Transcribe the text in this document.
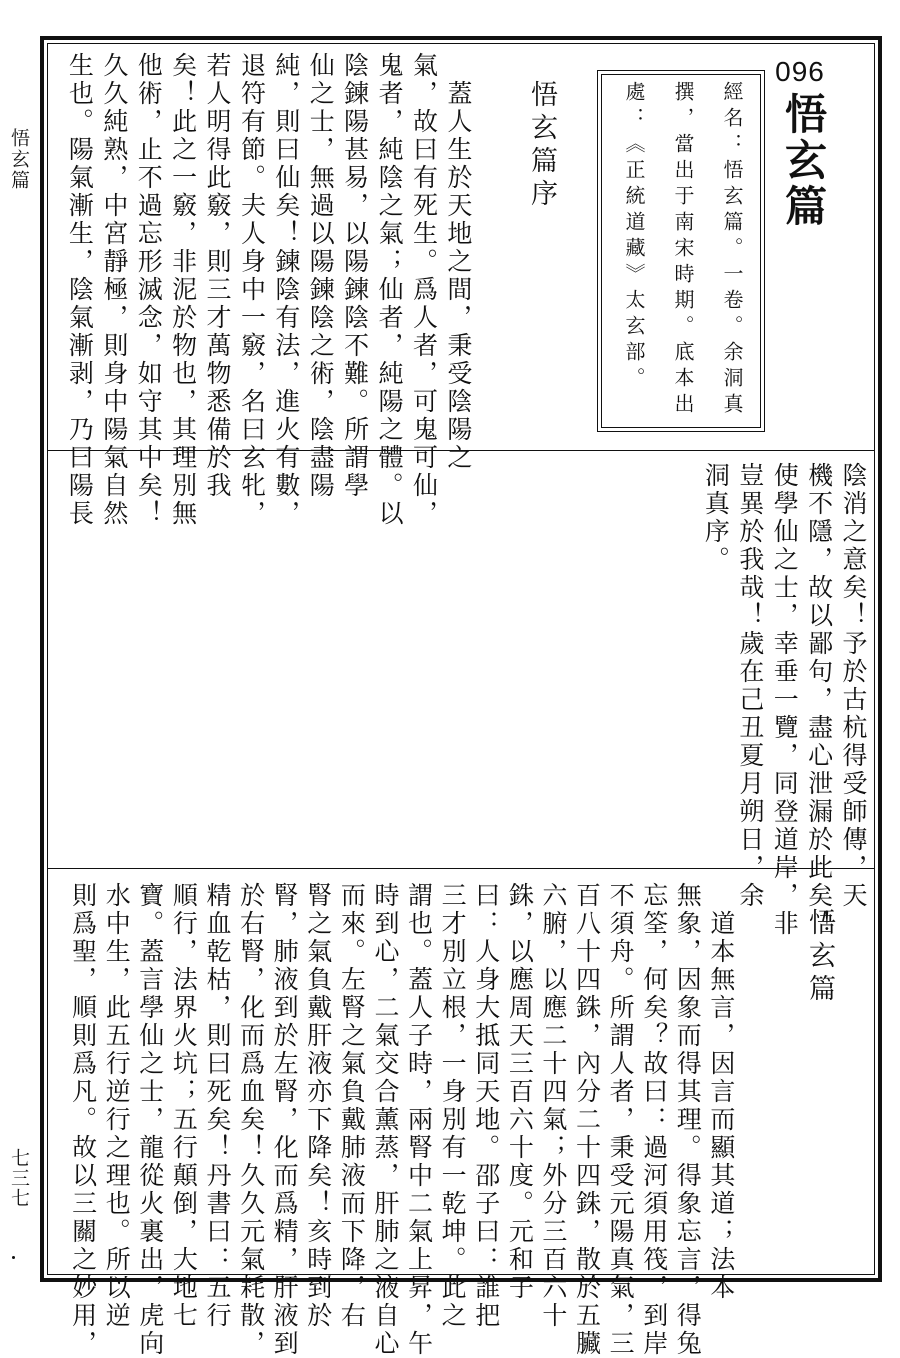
悟玄篇
七三七
096
悟玄篇
經名：悟玄篇。一卷。余洞真
撰，當出于南宋時期。底本出
處：《正統道藏》太玄部。
悟玄篇序
　蓋人生於天地之間，秉受陰陽之
氣，故曰有死生。爲人者，可鬼可仙，
鬼者，純陰之氣；仙者，純陽之體。以
陰鍊陽甚易，以陽鍊陰不難。所謂學
仙之士，無過以陽鍊陰之術，陰盡陽
純，則曰仙矣！鍊陰有法，進火有數，
退符有節。夫人身中一竅，名曰玄牝，
若人明得此竅，則三才萬物悉備於我
矣！此之一竅，非泥於物也，其理別無
他術，止不過忘形滅念，如守其中矣！
久久純熟，中宮靜極，則身中陽氣自然
生也。陽氣漸生，陰氣漸剥，乃曰陽長
陰消之意矣！予於古杭得受師傳，天
機不隱，故以鄙句，盡心泄漏於此矣！
使學仙之士，幸垂一覽，同登道岸，非
豈異於我哉！歲在己丑夏月朔日，余
洞真序。
悟玄篇
　道本無言，因言而顯其道；法本
無象，因象而得其理。得象忘言，得兔
忘筌，何矣？故曰：過河須用筏，到岸
不須舟。所謂人者，秉受元陽真氣，三
百八十四銖，內分二十四銖，散於五臟
六腑，以應二十四氣；外分三百六十
銖，以應周天三百六十度。元和子
曰：人身大抵同天地。邵子曰：誰把
三才別立根，一身別有一乾坤。此之
謂也。蓋人子時，兩腎中二氣上昇，午
時到心，二氣交合薰蒸，肝肺之液自心
而來。左腎之氣負戴肺液而下降，右
腎之氣負戴肝液亦下降矣！亥時到於
腎，肺液到於左腎，化而爲精，肝液到
於右腎，化而爲血矣！久久元氣耗散，
精血乾枯，則曰死矣！丹書曰：五行
順行，法界火坑；五行顛倒，大地七
寶。蓋言學仙之士，龍從火裏出，虎向
水中生，此五行逆行之理也。所以逆
則爲聖，順則爲凡。故以三關之妙用，
